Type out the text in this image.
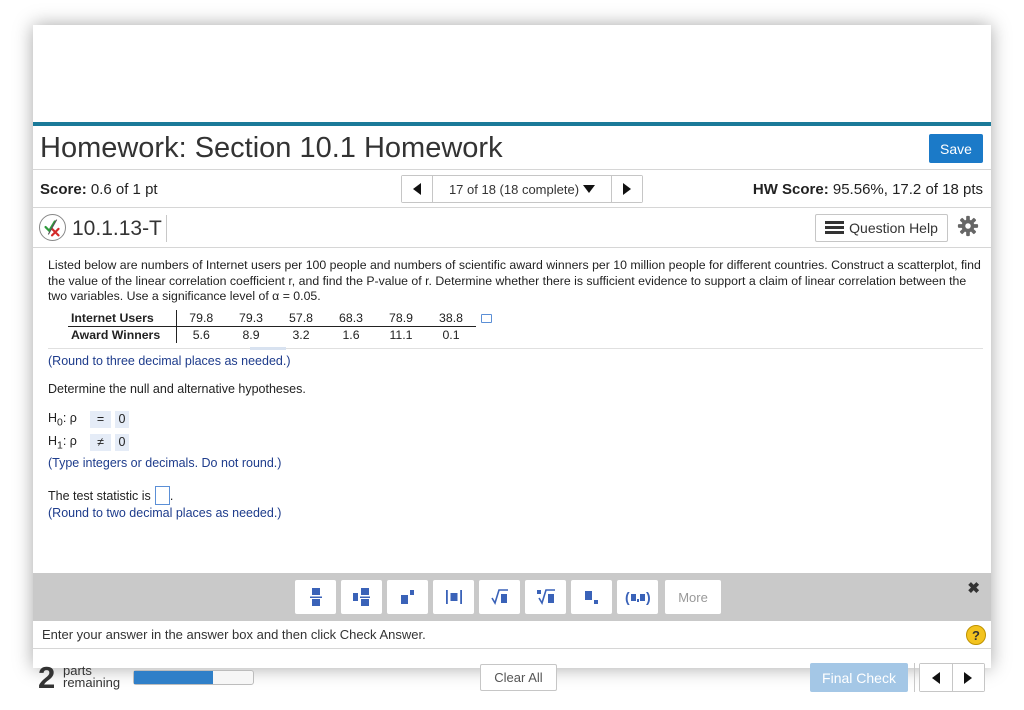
Homework: Section 10.1 Homework	Save
Score: 0.6 of 1 pt	17 of 18 (18 complete)	HW Score: 95.56%, 17.2 of 18 pts
10.1.13-T	Question Help

Listed below are numbers of Internet users per 100 people and numbers of scientific award winners per 10 million people for different countries. Construct a scatterplot, find the value of the linear correlation coefficient r, and find the P-value of r. Determine whether there is sufficient evidence to support a claim of linear correlation between the two variables. Use a significance level of α = 0.05.

Internet Users	79.8	79.3	57.8	68.3	78.9	38.8
Award Winners	5.6	8.9	3.2	1.6	11.1	0.1

(Round to three decimal places as needed.)

Determine the null and alternative hypotheses.

$H_0$: ρ	=	0
$H_1$: ρ	≠	0

(Type integers or decimals. Do not round.)

The test statistic is .

(Round to two decimal places as needed.)

( )	More	✖
Enter your answer in the answer box and then click Check Answer.	?
2 parts
remaining	Clear All	Final Check
